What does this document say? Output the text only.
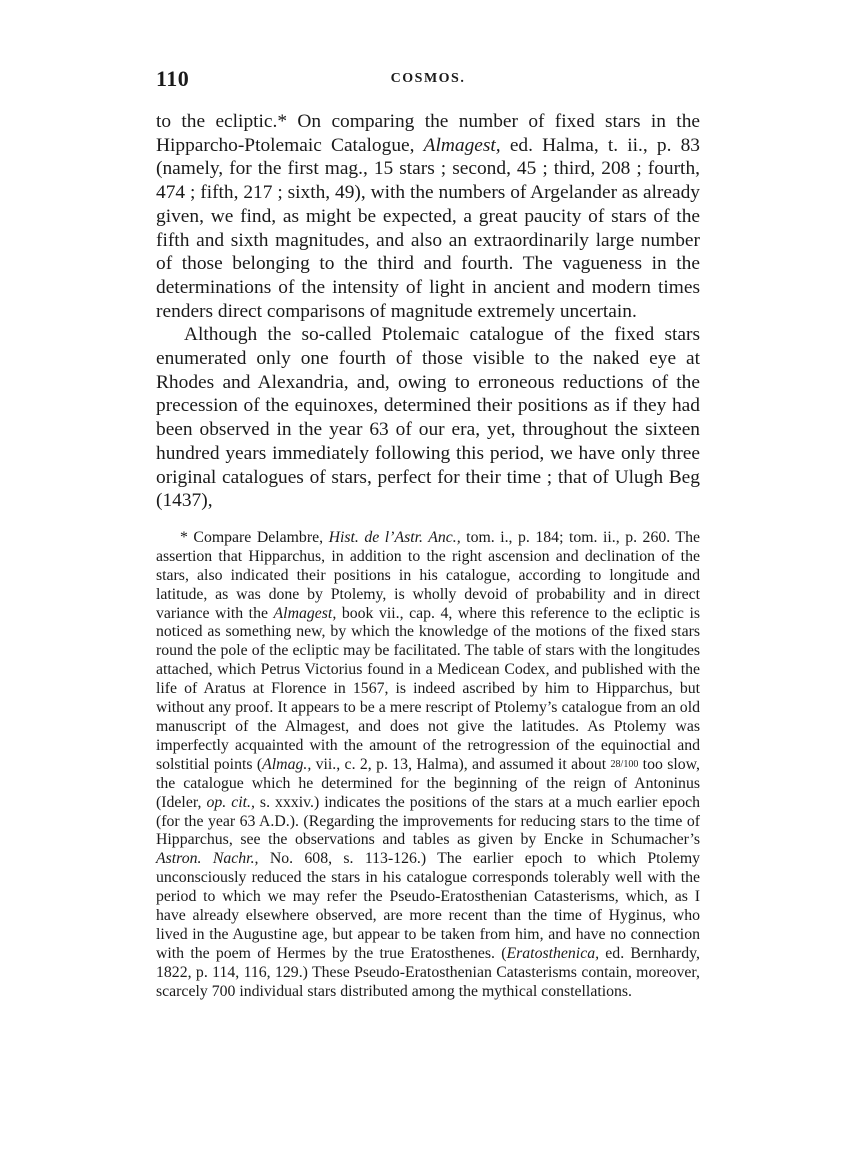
110	COSMOS.

to the ecliptic.* On comparing the number of fixed stars in the Hipparcho-Ptolemaic Catalogue, Almagest, ed. Halma, t. ii., p. 83 (namely, for the first mag., 15 stars ; second, 45 ; third, 208 ; fourth, 474 ; fifth, 217 ; sixth, 49), with the numbers of Argelander as already given, we find, as might be expected, a great paucity of stars of the fifth and sixth magnitudes, and also an extraordinarily large number of those belonging to the third and fourth. The vagueness in the determinations of the intensity of light in ancient and modern times renders direct comparisons of magnitude extremely uncertain.

Although the so-called Ptolemaic catalogue of the fixed stars enumerated only one fourth of those visible to the naked eye at Rhodes and Alexandria, and, owing to erroneous reductions of the precession of the equinoxes, determined their positions as if they had been observed in the year 63 of our era, yet, throughout the sixteen hundred years immediately following this period, we have only three original catalogues of stars, perfect for their time ; that of Ulugh Beg (1437),

* Compare Delambre, Hist. de l’Astr. Anc., tom. i., p. 184; tom. ii., p. 260. The assertion that Hipparchus, in addition to the right ascension and declination of the stars, also indicated their positions in his catalogue, according to longitude and latitude, as was done by Ptolemy, is wholly devoid of probability and in direct variance with the Almagest, book vii., cap. 4, where this reference to the ecliptic is noticed as something new, by which the knowledge of the motions of the fixed stars round the pole of the ecliptic may be facilitated. The table of stars with the longitudes attached, which Petrus Victorius found in a Medicean Codex, and published with the life of Aratus at Florence in 1567, is indeed ascribed by him to Hipparchus, but without any proof. It appears to be a mere rescript of Ptolemy’s catalogue from an old manuscript of the Almagest, and does not give the latitudes. As Ptolemy was imperfectly acquainted with the amount of the retrogression of the equinoctial and solstitial points (Almag., vii., c. 2, p. 13, Halma), and assumed it about 28/100 too slow, the catalogue which he determined for the beginning of the reign of Antoninus (Ideler, op. cit., s. xxxiv.) indicates the positions of the stars at a much earlier epoch (for the year 63 A.D.). (Regarding the improvements for reducing stars to the time of Hipparchus, see the observations and tables as given by Encke in Schumacher’s Astron. Nachr., No. 608, s. 113-126.) The earlier epoch to which Ptolemy unconsciously reduced the stars in his catalogue corresponds tolerably well with the period to which we may refer the Pseudo-Eratosthenian Catasterisms, which, as I have already elsewhere observed, are more recent than the time of Hyginus, who lived in the Augustine age, but appear to be taken from him, and have no connection with the poem of Hermes by the true Eratosthenes. (Eratosthenica, ed. Bernhardy, 1822, p. 114, 116, 129.) These Pseudo-Eratosthenian Catasterisms contain, moreover, scarcely 700 individual stars distributed among the mythical constellations.
